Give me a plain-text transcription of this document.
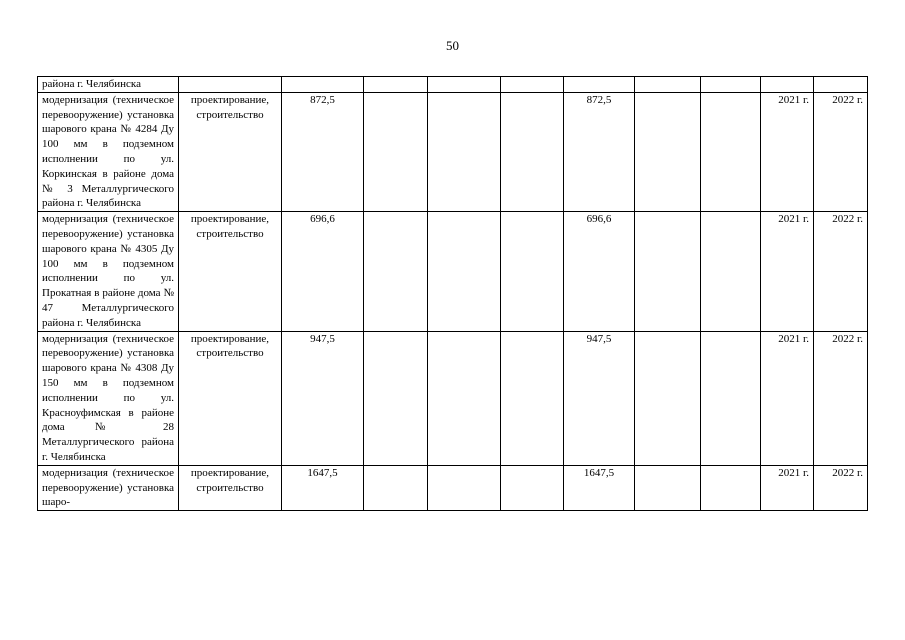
50
района г. Челябинска										
модернизация (техническое перевооружение) установка шарового крана № 4284 Ду 100 мм в подземном исполнении по ул. Коркинская в районе дома № 3 Металлургического района г. Челябинска	проектирование, строительство	872,5				872,5			2021 г.	2022 г.
модернизация (техническое перевооружение) установка шарового крана № 4305 Ду 100 мм в подземном исполнении по ул. Прокатная в районе дома № 47 Металлургического района г. Челябинска	проектирование, строительство	696,6				696,6			2021 г.	2022 г.
модернизация (техническое перевооружение) установка шарового крана № 4308 Ду 150 мм в подземном исполнении по ул. Красноуфимская в районе дома № 28 Металлургического района г. Челябинска	проектирование, строительство	947,5				947,5			2021 г.	2022 г.
модернизация (техническое перевооружение) установка шаро-	проектирование, строительство	1647,5				1647,5			2021 г.	2022 г.
